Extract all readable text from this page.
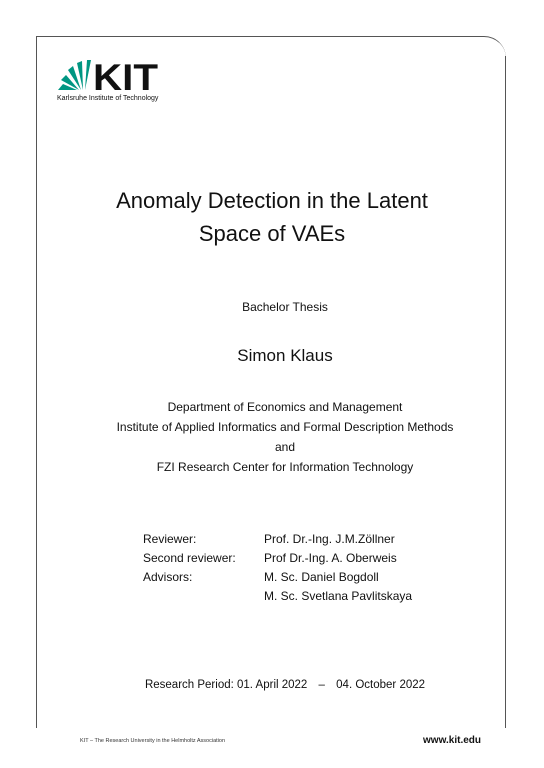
KIT
Karlsruhe Institute of Technology
Anomaly Detection in the Latent
Space of VAEs
Bachelor Thesis
Simon Klaus
Department of Economics and Management
Institute of Applied Informatics and Formal Description Methods
and
FZI Research Center for Information Technology
Reviewer:	Prof. Dr.-Ing. J.M.Zöllner
Second reviewer:	Prof Dr.-Ing. A. Oberweis
Advisors:	M. Sc. Daniel Bogdoll
M. Sc. Svetlana Pavlitskaya
Research Period: 01. April 2022 – 04. October 2022
KIT – The Research University in the Helmholtz Association	www.kit.edu
